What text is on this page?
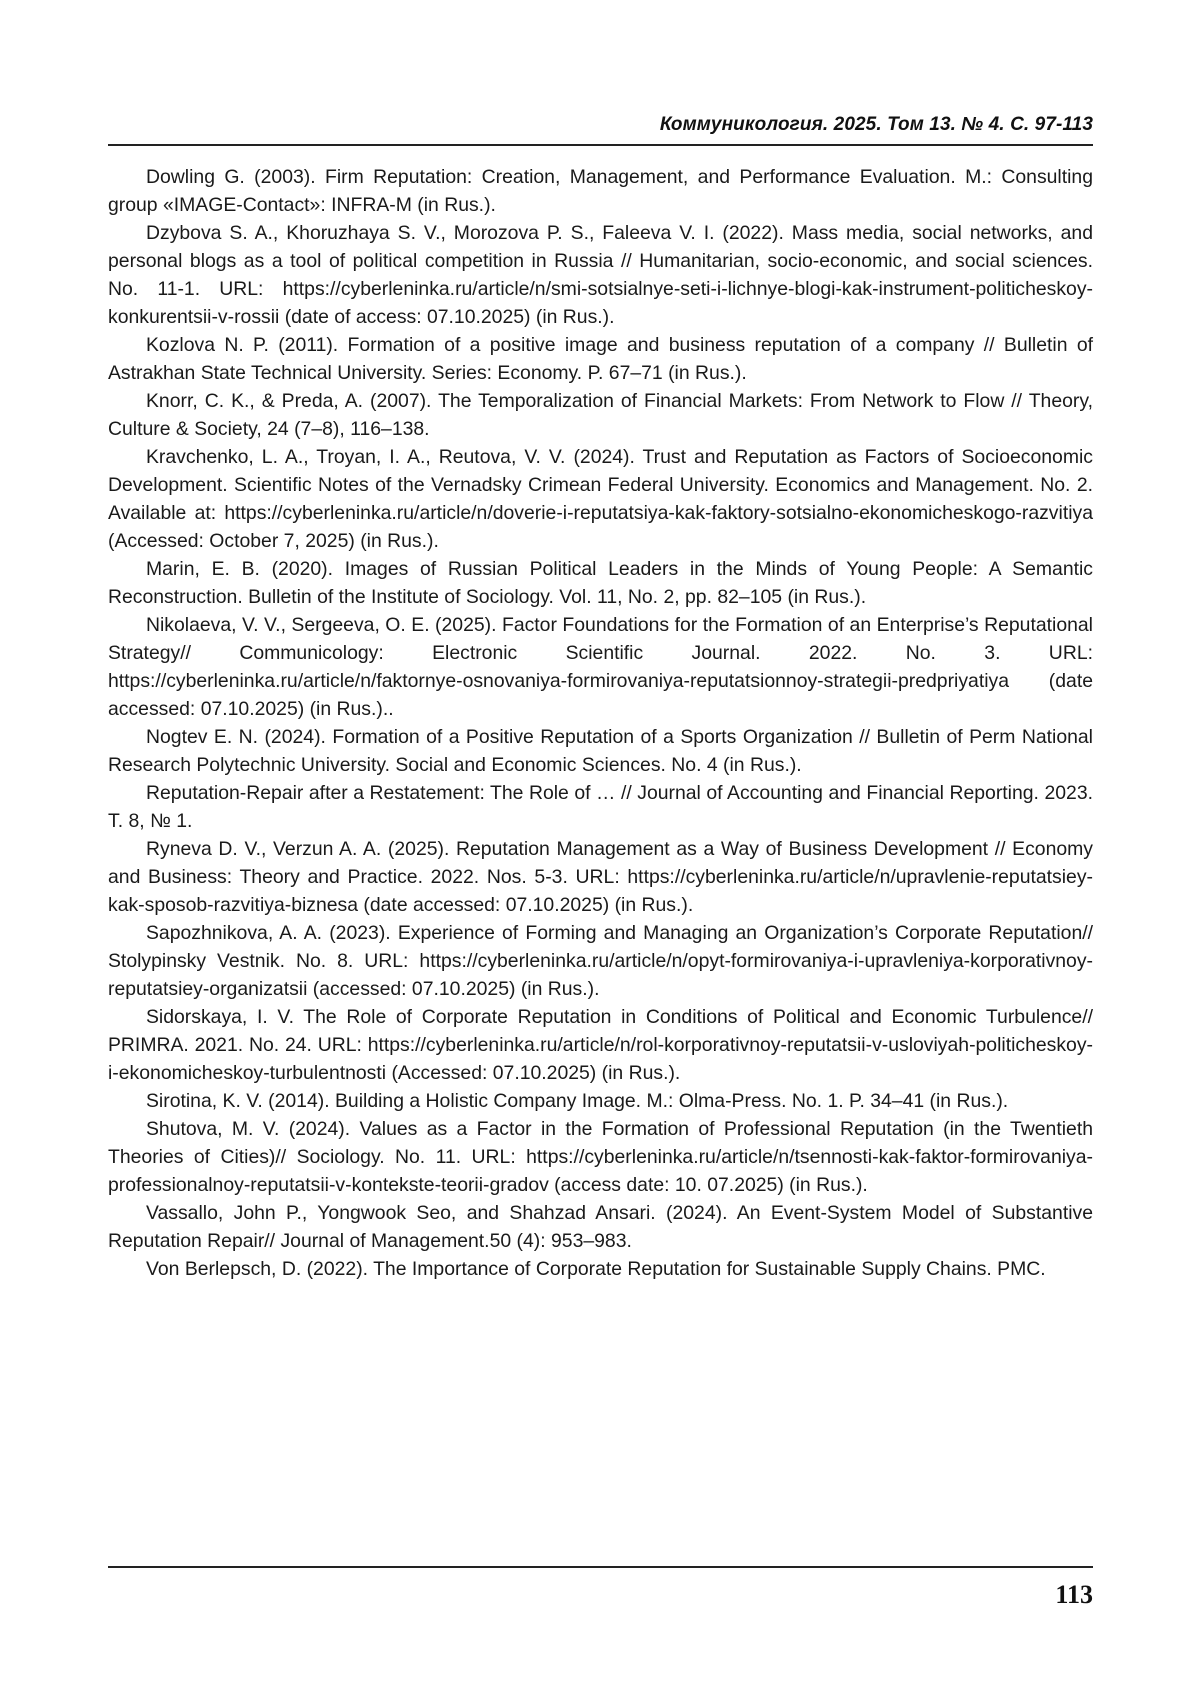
Коммуникология. 2025. Том 13. № 4. С. 97-113

Dowling G. (2003). Firm Reputation: Creation, Management, and Performance Evaluation. M.: Consulting group «IMAGE-Contact»: INFRA-M (in Rus.).

Dzybova S. A., Khoruzhaya S. V., Morozova P. S., Faleeva V. I. (2022). Mass media, social networks, and personal blogs as a tool of political competition in Russia // Humanitarian, socio-economic, and social sciences. No. 11-1. URL: https://cyberleninka.ru/article/n/smi-sotsialnye-seti-i-lichnye-blogi-kak-instrument-politicheskoy-konkurentsii-v-rossii (date of access: 07.10.2025) (in Rus.).

Kozlova N. P. (2011). Formation of a positive image and business reputation of a company // Bulletin of Astrakhan State Technical University. Series: Economy. P. 67–71 (in Rus.).

Knorr, C. K., & Preda, A. (2007). The Temporalization of Financial Markets: From Network to Flow // Theory, Culture & Society, 24 (7–8), 116–138.

Kravchenko, L. A., Troyan, I. A., Reutova, V. V. (2024). Trust and Reputation as Factors of Socioeconomic Development. Scientific Notes of the Vernadsky Crimean Federal University. Economics and Management. No. 2. Available at: https://cyberleninka.ru/article/n/doverie-i-reputatsiya-kak-faktory-sotsialno-ekonomicheskogo-razvitiya (Accessed: October 7, 2025) (in Rus.).

Marin, E. B. (2020). Images of Russian Political Leaders in the Minds of Young People: A Semantic Reconstruction. Bulletin of the Institute of Sociology. Vol. 11, No. 2, pp. 82–105 (in Rus.).

Nikolaeva, V. V., Sergeeva, O. E. (2025). Factor Foundations for the Formation of an Enterprise’s Reputational Strategy// Communicology: Electronic Scientific Journal. 2022. No. 3. URL: https://cyberleninka.ru/article/n/faktornye-osnovaniya-formirovaniya-reputatsionnoy-strategii-predpriyatiya (date accessed: 07.10.2025) (in Rus.)..

Nogtev E. N. (2024). Formation of a Positive Reputation of a Sports Organization // Bulletin of Perm National Research Polytechnic University. Social and Economic Sciences. No. 4 (in Rus.).

Reputation-Repair after a Restatement: The Role of … // Journal of Accounting and Financial Reporting. 2023. T. 8, № 1.

Ryneva D. V., Verzun A. A. (2025). Reputation Management as a Way of Business Development // Economy and Business: Theory and Practice. 2022. Nos. 5-3. URL: https://cyberleninka.ru/article/n/upravlenie-reputatsiey-kak-sposob-razvitiya-biznesa (date accessed: 07.10.2025) (in Rus.).

Sapozhnikova, A. A. (2023). Experience of Forming and Managing an Organization’s Corporate Reputation// Stolypinsky Vestnik. No. 8. URL: https://cyberleninka.ru/article/n/opyt-formirovaniya-i-upravleniya-korporativnoy-reputatsiey-organizatsii (accessed: 07.10.2025) (in Rus.).

Sidorskaya, I. V. The Role of Corporate Reputation in Conditions of Political and Economic Turbulence// PRIMRA. 2021. No. 24. URL: https://cyberleninka.ru/article/n/rol-korporativnoy-reputatsii-v-usloviyah-politicheskoy-i-ekonomicheskoy-turbulentnosti (Accessed: 07.10.2025) (in Rus.).

Sirotina, K. V. (2014). Building a Holistic Company Image. M.: Olma-Press. No. 1. P. 34–41 (in Rus.).

Shutova, M. V. (2024). Values as a Factor in the Formation of Professional Reputation (in the Twentieth Theories of Cities)// Sociology. No. 11. URL: https://cyberleninka.ru/article/n/tsennosti-kak-faktor-formirovaniya-professionalnoy-reputatsii-v-kontekste-teorii-gradov (access date: 10. 07.2025) (in Rus.).

Vassallo, John P., Yongwook Seo, and Shahzad Ansari. (2024). An Event-System Model of Substantive Reputation Repair// Journal of Management.50 (4): 953–983.

Von Berlepsch, D. (2022). The Importance of Corporate Reputation for Sustainable Supply Chains. PMC.

113
